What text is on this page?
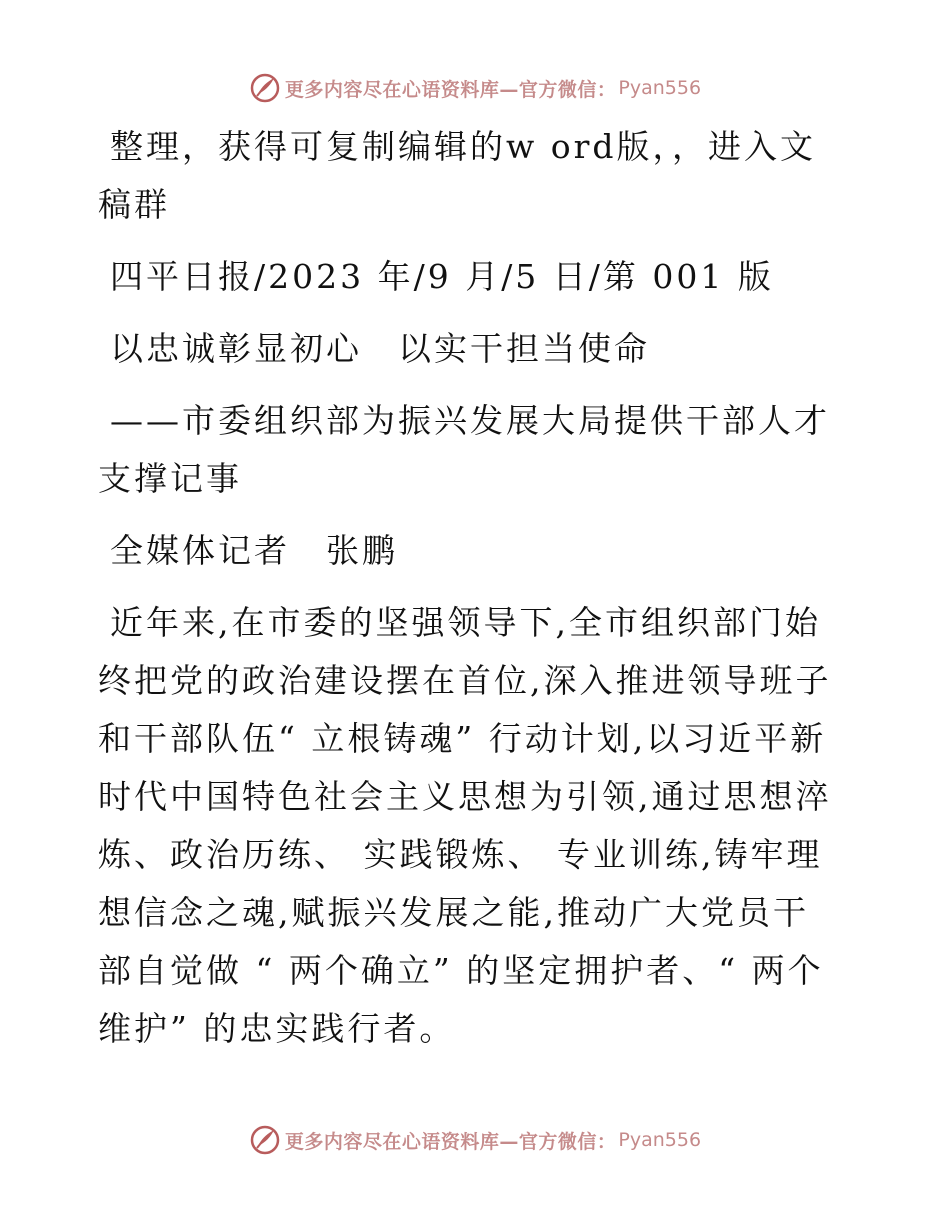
更多内容尽在心语资料库—官方微信： Pyan556

整理，获得可复制编辑的w ord版，，进入文稿群

四平日报/2023 年/9 月/5 日/第 001 版

以忠诚彰显初心　以实干担当使命

——市委组织部为振兴发展大局提供干部人才支撑记事

全媒体记者　张鹏

近年来,在市委的坚强领导下,全市组织部门始终把党的政治建设摆在首位,深入推进领导班子和干部队伍“ 立根铸魂” 行动计划,以习近平新时代中国特色社会主义思想为引领,通过思想淬炼、政治历练、 实践锻炼、 专业训练,铸牢理想信念之魂,赋振兴发展之能,推动广大党员干部自觉做 “ 两个确立” 的坚定拥护者、“ 两个维护” 的忠实践行者。

更多内容尽在心语资料库—官方微信： Pyan556
